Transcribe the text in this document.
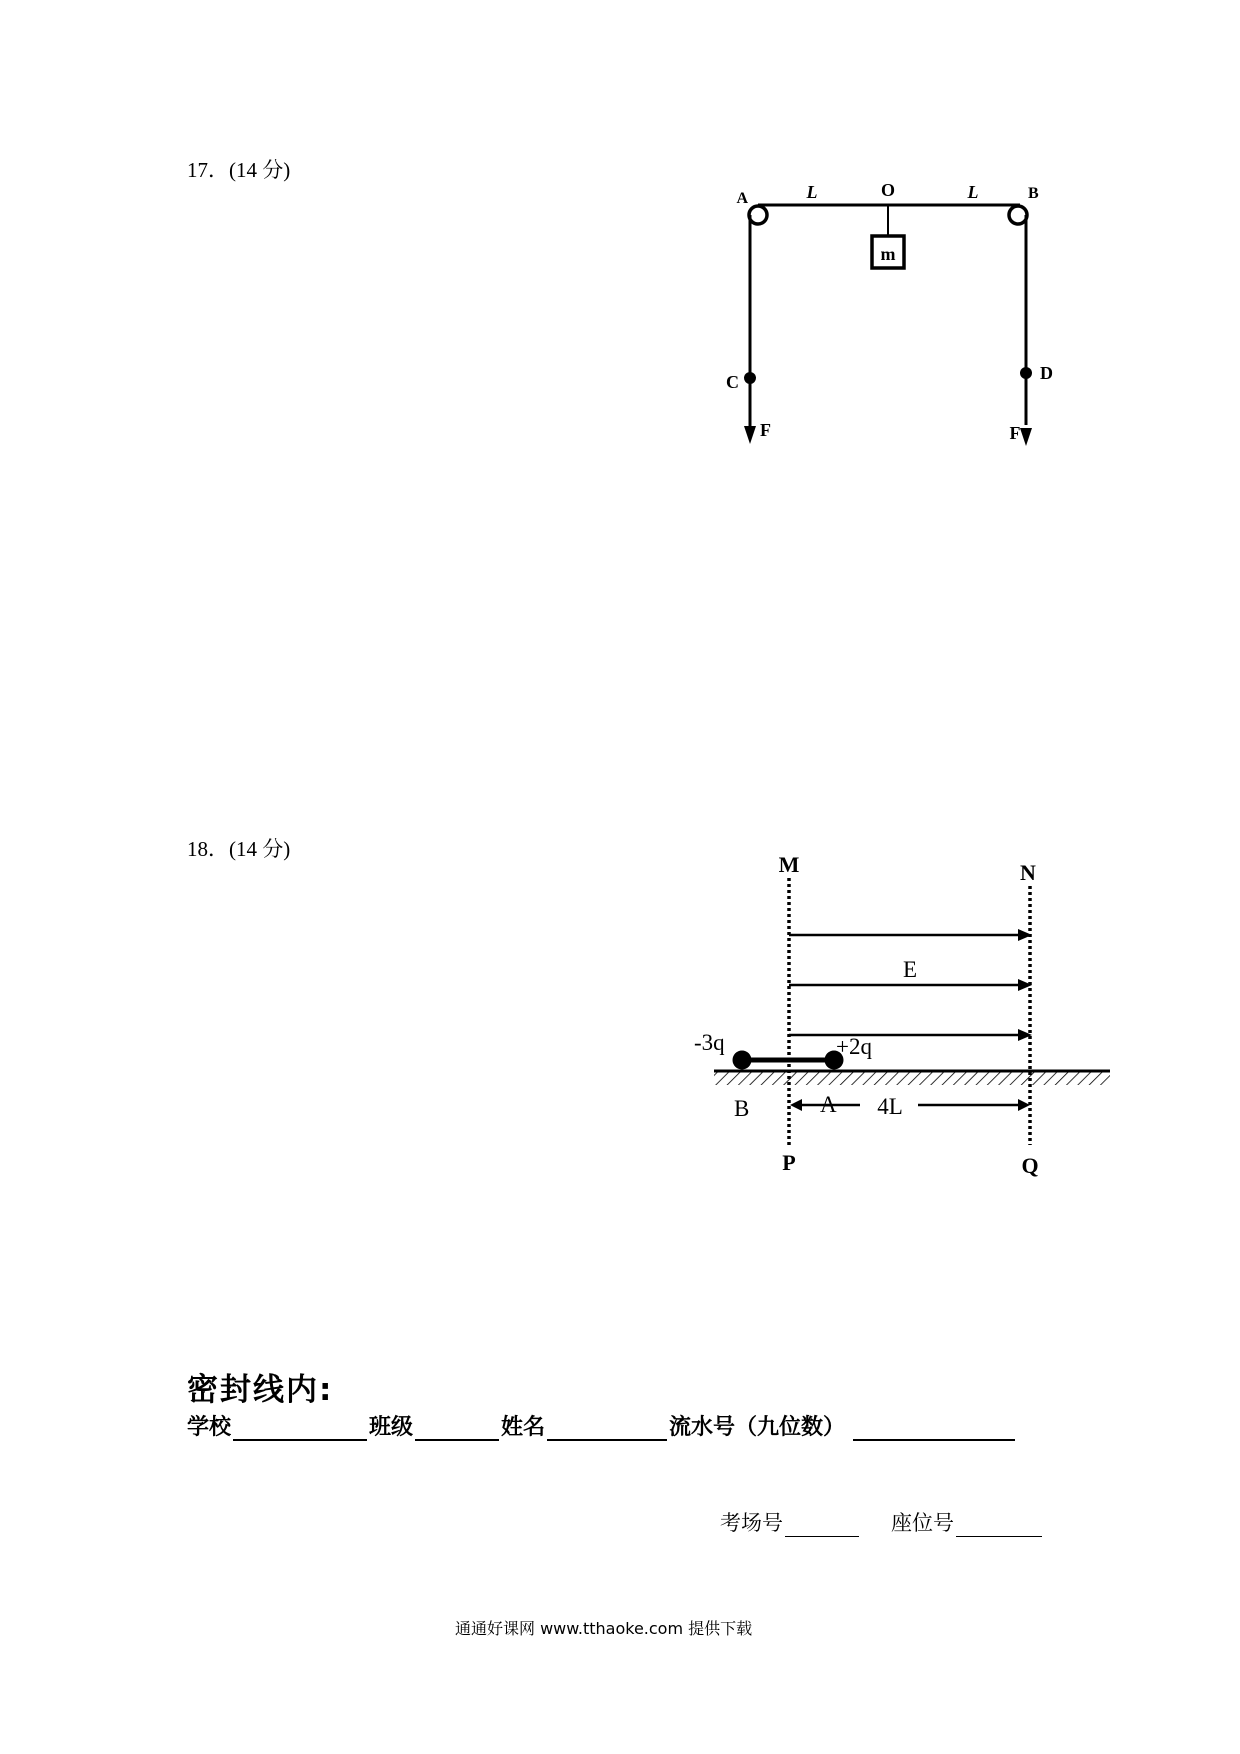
17．(14 分)
18．(14 分)
m
A	B
O
L	L
C	D
F	F
M	N
E
-3q	+2q
B	A 4L
P	Q
密封线内:
学校	班级	姓名	流水号（九位数）
考场号	座位号
通通好课网 www.tthaoke.com 提供下载
